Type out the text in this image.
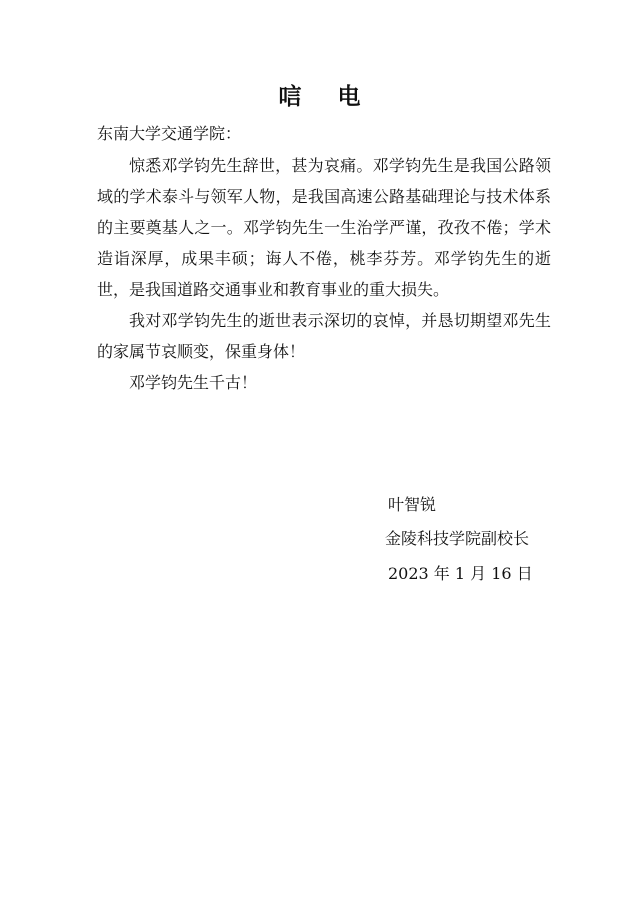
唁 电
东南大学交通学院：

惊悉邓学钧先生辞世，甚为哀痛。邓学钧先生是我国公路领域的学术泰斗与领军人物，是我国高速公路基础理论与技术体系的主要奠基人之一。邓学钧先生一生治学严谨，孜孜不倦；学术造诣深厚，成果丰硕；诲人不倦，桃李芬芳。邓学钧先生的逝世，是我国道路交通事业和教育事业的重大损失。

我对邓学钧先生的逝世表示深切的哀悼，并恳切期望邓先生的家属节哀顺变，保重身体！

邓学钧先生千古！

叶智锐
金陵科技学院副校长
2023 年 1 月 16 日
